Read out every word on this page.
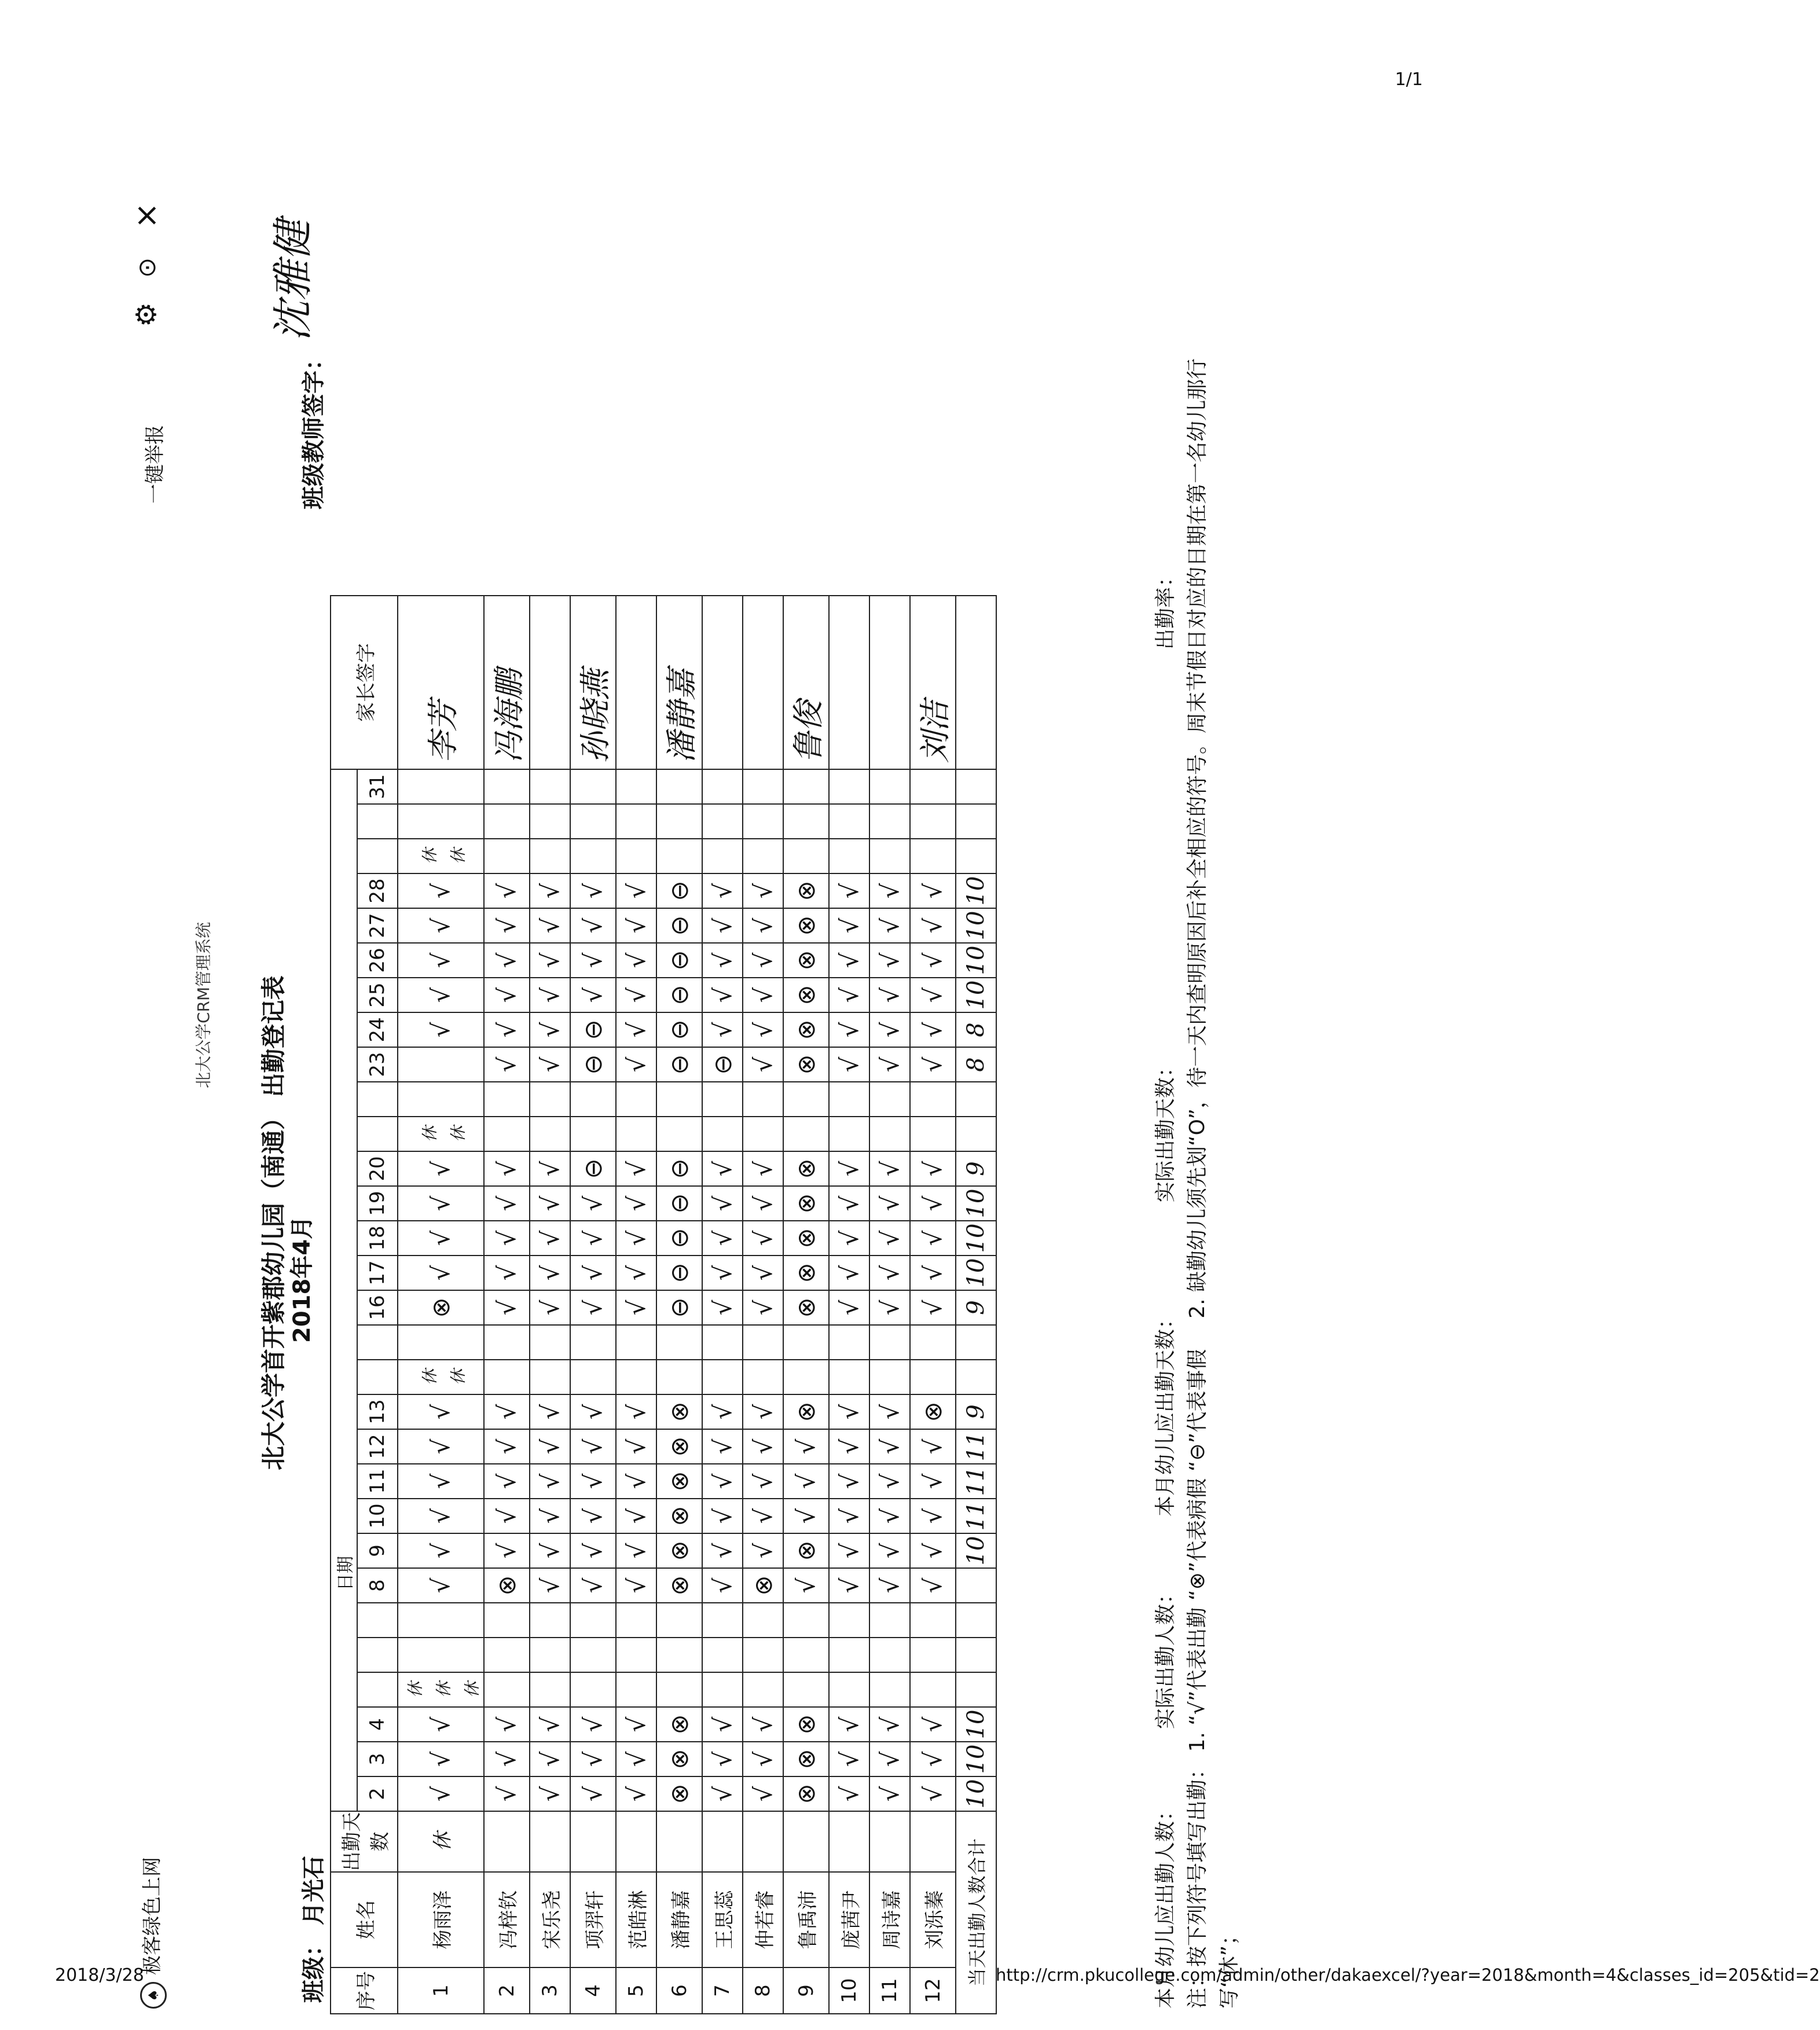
2018/3/28	http://crm.pkucollege.com/admin/other/dakaexcel/?year=2018&month=4&classes_id=205&tid=2
1/1
♠极客绿色上网
一键举报
⚙
⊙
×
北大公学CRM管理系统 北大公学首开紫郡幼儿园（南通） 出勤登记表 2018年4月
班级： 月光石
班级教师签字：
沈雅健
序号	姓名	出勤天数	日期																														家长签字
			2	3	4				8	9	10	11	12	13			16	17	18	19	20			23	24	25	26	27	28			31	
1	杨雨泽	休	√	√	√	休 休 休			√	√	√	√	√	√	休 休		⊗	√	√	√	√	休 休			√	√	√	√	√	休 休			李芳
2	冯梓钦		√	√	√				⊗	√	√	√	√	√			√	√	√	√	√			√	√	√	√	√	√				冯海鹏
3	宋乐尧		√	√	√				√	√	√	√	√	√			√	√	√	√	√			√	√	√	√	√	√				
4	项羿轩		√	√	√				√	√	√	√	√	√			√	√	√	√	⊖			⊖	⊖	√	√	√	√				孙晓燕
5	范皓淋		√	√	√				√	√	√	√	√	√			√	√	√	√	√			√	√	√	√	√	√				
6	潘静嘉		⊗	⊗	⊗				⊗	⊗	⊗	⊗	⊗	⊗			⊖	⊖	⊖	⊖	⊖			⊖	⊖	⊖	⊖	⊖	⊖				潘静嘉
7	王思蕊		√	√	√				√	√	√	√	√	√			√	√	√	√	√			⊖	√	√	√	√	√				
8	仲若睿		√	√	√				⊗	√	√	√	√	√			√	√	√	√	√			√	√	√	√	√	√				
9	鲁禹沛		⊗	⊗	⊗				√	⊗	√	√	√	⊗			⊗	⊗	⊗	⊗	⊗			⊗	⊗	⊗	⊗	⊗	⊗				鲁俊
10	庞茜尹		√	√	√				√	√	√	√	√	√			√	√	√	√	√			√	√	√	√	√	√				
11	周诗嘉		√	√	√				√	√	√	√	√	√			√	√	√	√	√			√	√	√	√	√	√				
12	刘泺蓁		√	√	√				√	√	√	√	√	⊗			√	√	√	√	√			√	√	√	√	√	√				刘洁
当天出勤人数合计			10	10	10					10	11	11	11	9			9	10	10	10	9			8	8	10	10	10	10				
本月幼儿应出勤人数：  实际出勤人数：
本月幼儿应出勤天数：  实际出勤天数：  出勤率：
注：按下列符号填写出勤： 1. “√”代表出勤 “⊗”代表病假 “⊖”代表事假  2. 缺勤幼儿须先划“O”，待一天内查明原因后补全相应的符号。周末节假日对应的日期在第一名幼儿那行
写“休”；
